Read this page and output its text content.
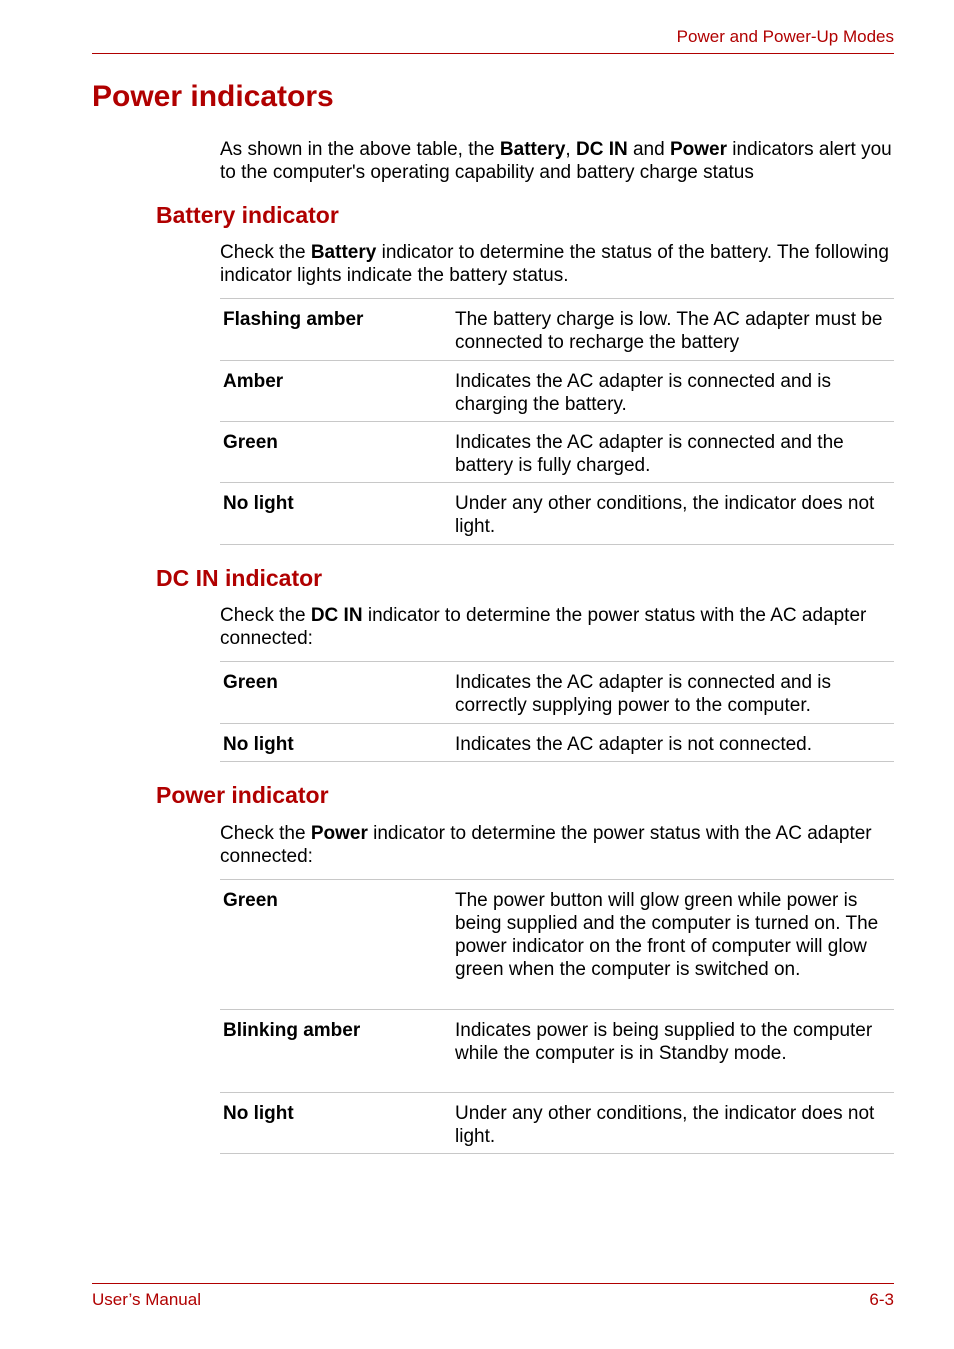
Power and Power-Up Modes
Power indicators
As shown in the above table, the Battery, DC IN and Power indicators alert you to the computer's operating capability and battery charge status
Battery indicator
Check the Battery indicator to determine the status of the battery. The following indicator lights indicate the battery status.
Flashing amber	The battery charge is low. The AC adapter must be connected to recharge the battery
Amber	Indicates the AC adapter is connected and is charging the battery.
Green	Indicates the AC adapter is connected and the battery is fully charged.
No light	Under any other conditions, the indicator does not light.
DC IN indicator
Check the DC IN indicator to determine the power status with the AC adapter connected:
Green	Indicates the AC adapter is connected and is correctly supplying power to the computer.
No light	Indicates the AC adapter is not connected.
Power indicator
Check the Power indicator to determine the power status with the AC adapter connected:
Green	The power button will glow green while power is being supplied and the computer is turned on. The power indicator on the front of computer will glow green when the computer is switched on.
Blinking amber	Indicates power is being supplied to the computer while the computer is in Standby mode.
No light	Under any other conditions, the indicator does not light.
User’s Manual	6-3
